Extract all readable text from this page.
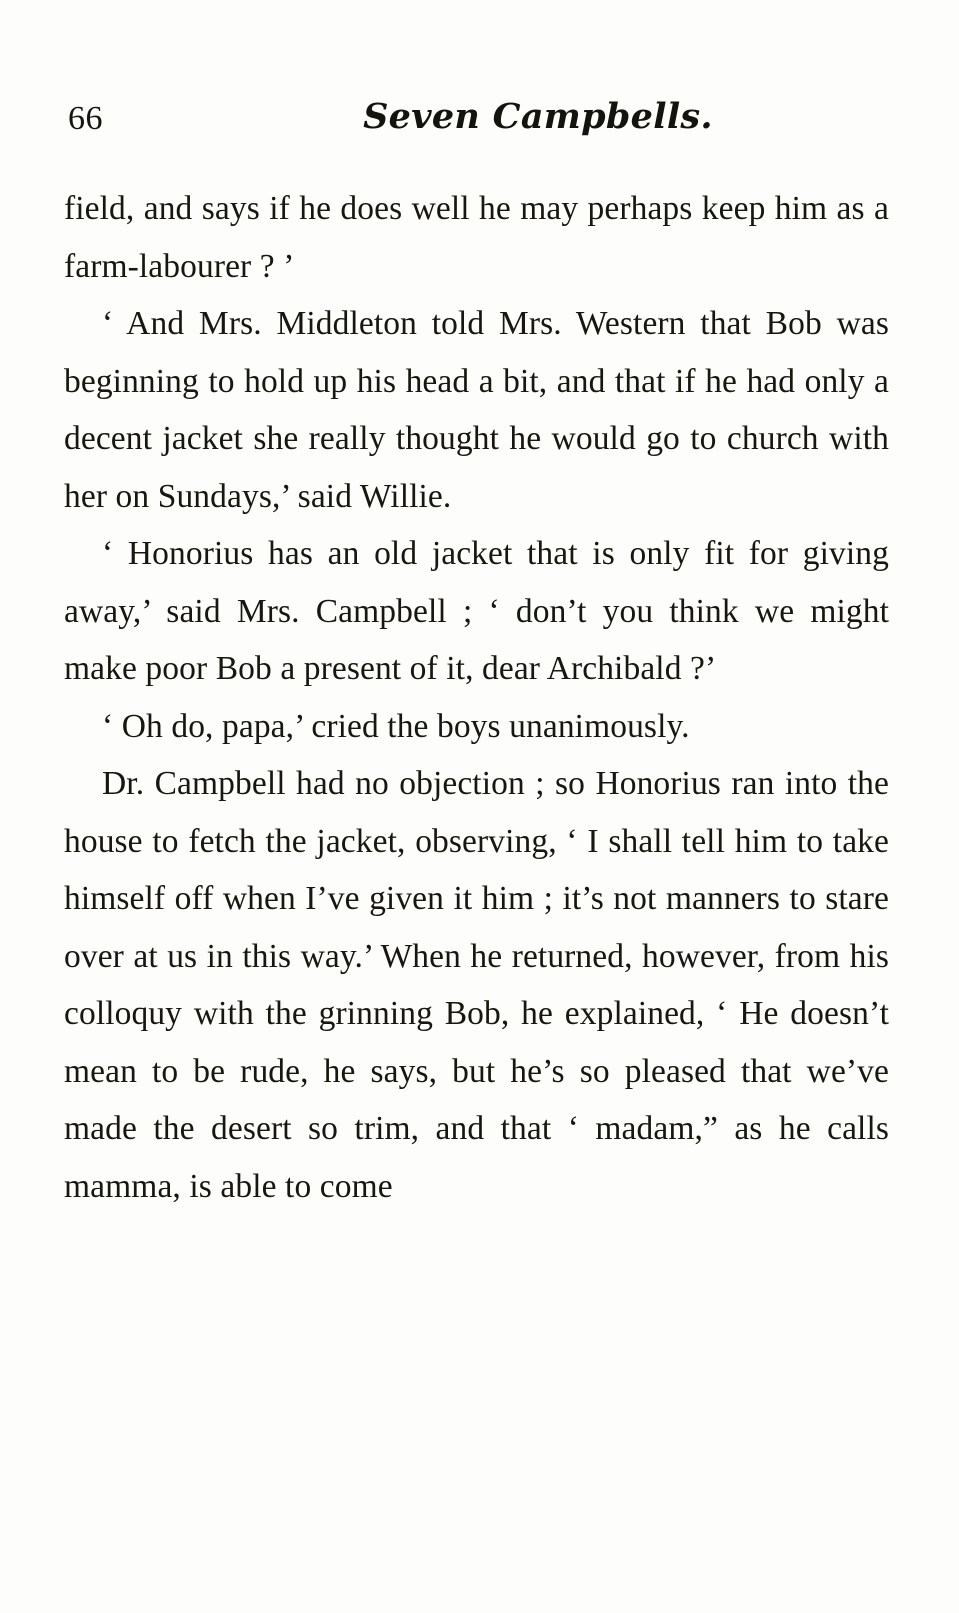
66	Seven Campbells.

field, and says if he does well he may perhaps keep him as a farm-labourer ? ’

‘ And Mrs. Middleton told Mrs. Western that Bob was beginning to hold up his head a bit, and that if he had only a decent jacket she really thought he would go to church with her on Sundays,’ said Willie.

‘ Honorius has an old jacket that is only fit for giving away,’ said Mrs. Campbell ; ‘ don’t you think we might make poor Bob a present of it, dear Archibald ?’

‘ Oh do, papa,’ cried the boys unanimously.

Dr. Campbell had no objection ; so Honorius ran into the house to fetch the jacket, observing, ‘ I shall tell him to take himself off when I’ve given it him ; it’s not manners to stare over at us in this way.’ When he returned, however, from his colloquy with the grinning Bob, he explained, ‘ He doesn’t mean to be rude, he says, but he’s so pleased that we’ve made the desert so trim, and that ‘ madam,” as he calls mamma, is able to come
